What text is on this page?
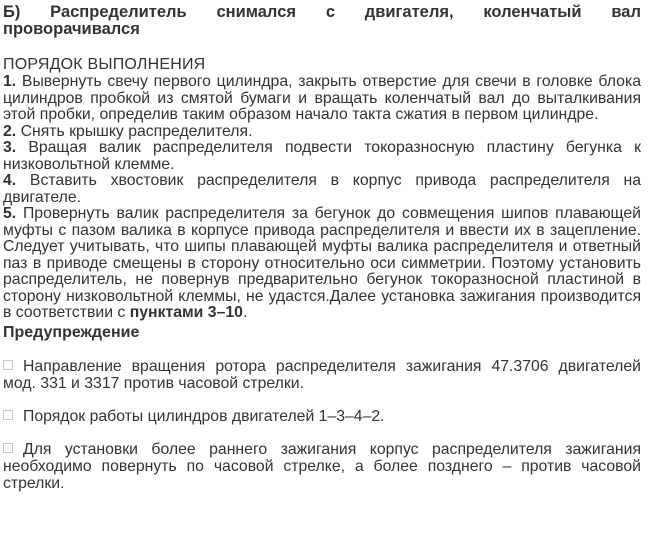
Б) Распределитель снимался с двигателя, коленчатый вал
проворачивался
ПОРЯДОК ВЫПОЛНЕНИЯ

1. Вывернуть свечу первого цилиндра, закрыть отверстие для свечи в головке блока цилиндров пробкой из смятой бумаги и вращать коленчатый вал до выталкивания этой пробки, определив таким образом начало такта сжатия в первом цилиндре.

2. Снять крышку распределителя.

3. Вращая валик распределителя подвести токоразносную пластину бегунка к низковольтной клемме.

4. Вставить хвостовик распределителя в корпус привода распределителя на двигателе.

5. Провернуть валик распределителя за бегунок до совмещения шипов плавающей муфты с пазом валика в корпусе привода распределителя и ввести их в зацепление. Следует учитывать, что шипы плавающей муфты валика распределителя и ответный паз в приводе смещены в сторону относительно оси симметрии. Поэтому установить распределитель, не повернув предварительно бегунок токоразносной пластиной в сторону низковольтной клеммы, не удастся.Далее установка зажигания производится в соответствии с пунктами 3–10.

Предупреждение

Направление вращения ротора распределителя зажигания 47.3706 двигателей мод. 331 и 3317 против часовой стрелки.

Порядок работы цилиндров двигателей 1–3–4–2.

Для установки более раннего зажигания корпус распределителя зажигания необходимо повернуть по часовой стрелке, а более позднего – против часовой стрелки.
